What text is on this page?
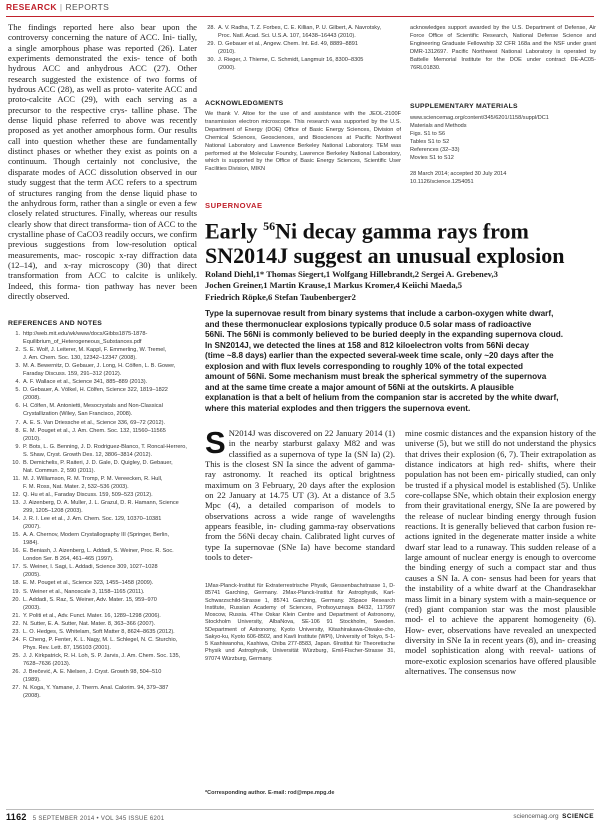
RESEARCK | REPORTS
The findings reported here also bear upon the controversy concerning the nature of ACC. Ini- tially, a single amorphous phase was reported (26). Later experiments demonstrated the exis- tence of both hydrous ACC and anhydrous ACC (27). Other research suggested the existence of two forms of hydrous ACC (28), as well as proto- vaterite ACC and proto-calcite ACC (29), with each serving as a precursor to the respective crys- talline phase. The dense liquid phase referred to above was recently proposed as yet another amorphous form. Our results call into question whether these are fundamentally distinct phases or whether they exist as points on a continuum. Though certainly not conclusive, the disparate modes of ACC dissolution observed in our study suggest that the term ACC refers to a spectrum of structures ranging from the dense liquid phase to the anhydrous form, rather than a single or even a few closely related structures. Finally, whereas our results clearly show that direct transforma- tion of ACC to the crystalline phase of CaCO3 readily occurs, we confirm previous suggestions from low-resolution optical measurements, mac- roscopic x-ray diffraction data (12–14), and x-ray microscopy (30) that direct transformation from ACC to calcite is unlikely. Indeed, this forma- tion pathway has never been directly observed.
REFERENCES AND NOTES
1. http://web.mit.edu/wk/www/docs/Gibbs1875-1878-
Equilibrium_of_Heterogeneous_Substances.pdf
2. S. E. Wolf, J. Leiterer, M. Kappl, F. Emmerling, W. Tremel,
J. Am. Chem. Soc. 130, 12342–12347 (2008).
3. M. A. Bewernitz, D. Gebauer, J. Long, H. Cölfen, L. B. Gower,
Faraday Discuss. 159, 291–312 (2012).
4. A. F. Wallace et al., Science 341, 885–889 (2013).
5. D. Gebauer, A. Völkel, H. Cölfen, Science 322, 1819–1822
(2008).
6. H. Cölfen, M. Antonietti, Mesocrystals and Non-Classical
Crystallization (Wiley, San Francisco, 2008).
7. A. E. S. Van Driessche et al., Science 336, 69–72 (2012).
8. E. M. Pouget et al., J. Am. Chem. Soc. 132, 11560–11565
(2010).
9. P. Bots, L. G. Benning, J. D. Rodriguez-Blanco, T. Roncal-Herrero,
S. Shaw, Cryst. Growth Des. 12, 3806–3814 (2012).
10. B. Demichelis, P. Raiteri, J. D. Gale, D. Quigley, D. Gebauer,
Nat. Commun. 2, 590 (2011).
11. M. J. Williamson, R. M. Tromp, P. M. Vereecken, R. Hull,
F. M. Ross, Nat. Mater. 2, 532–536 (2003).
12. Q. Hu et al., Faraday Discuss. 159, 509–523 (2012).
13. J. Aizenberg, D. A. Muller, J. L. Grazul, D. R. Hamann, Science
299, 1205–1208 (2003).
14. J. R. I. Lee et al., J. Am. Chem. Soc. 129, 10370–10381
(2007).
15. A. A. Chernov, Modern Crystallography III (Springer, Berlin,
1984).
16. E. Beniash, J. Aizenberg, L. Addadi, S. Weiner, Proc. R. Soc.
London Ser. B 264, 461–465 (1997).
17. S. Weiner, I. Sagi, L. Addadi, Science 309, 1027–1028
(2005).
18. E. M. Pouget et al., Science 323, 1455–1458 (2009).
19. S. Weiner et al., Nanoscale 3, 1158–1165 (2011).
20. L. Addadi, S. Raz, S. Weiner, Adv. Mater. 15, 959–970
(2003).
21. Y. Politi et al., Adv. Funct. Mater. 16, 1289–1298 (2006).
22. N. Sutter, E. A. Sutter, Nat. Mater. 8, 363–366 (2007).
23. L. O. Hedges, S. Whitelam, Soft Matter 8, 8624–8635 (2012).
24. F. Cheng, P. Fenter, K. L. Nagy, M. L. Schlegel, N. C. Sturchio,
Phys. Rev. Lett. 87, 156103 (2001).
25. J. J. Kirkpatrick, R. H. Loh, S. P. Jarvis, J. Am. Chem. Soc. 135,
7628–7636 (2013).
26. J. Brečević, A. E. Nielsen, J. Cryst. Growth 98, 504–510
(1989).
27. N. Koga, Y. Yamane, J. Therm. Anal. Calorim. 94, 379–387
(2008).
28. A. V. Radha, T. Z. Forbes, C. E. Killian, P. U. Gilbert, A. Navrotsky,
Proc. Natl. Acad. Sci. U.S.A. 107, 16438–16443 (2010).
29. D. Gebauer et al., Angew. Chem. Int. Ed. 49, 8889–8891
(2010).
30. J. Rieger, J. Thieme, C. Schmidt, Langmuir 16, 8300–8305
(2000).
ACKNOWLEDGMENTS
We thank V. Altoe for the use of and assistance with the JEOL-2100F transmission electron microscope. This research was supported by the U.S. Department of Energy (DOE) Office of Basic Energy Sciences, Division of Chemical Sciences, Geosciences, and Biosciences at Pacific Northwest National Laboratory and Lawrence Berkeley National Laboratory. TEM was performed at the Molecular Foundry, Lawrence Berkeley National Laboratory, which is supported by the Office of Basic Energy Sciences, Scientific User Facilities Division, MIKN
acknowledges support awarded by the U.S. Department of Defense, Air Force Office of Scientific Research, National Defense Science and Engineering Graduate Fellowship 32 CFR 168a and the NSF under grant DMR-1312697. Pacific Northwest National Laboratory is operated by Battelle Memorial Institute for the DOE under contract DE-AC05-76RL01830.
SUPPLEMENTARY MATERIALS
www.sciencemag.org/content/345/6201/1158/suppl/DC1
Materials and Methods
Figs. S1 to S6
Tables S1 to S2
References (32–33)
Movies S1 to S12
28 March 2014; accepted 30 July 2014
10.1126/science.1254051
SUPERNOVAE
Early $^{56}$Ni decay gamma rays from
SN2014J suggest an unusual explosion
Roland Diehl,1* Thomas Siegert,1 Wolfgang Hillebrandt,2 Sergei A. Grebenev,3
Jochen Greiner,1 Martin Krause,1 Markus Kromer,4 Keiichi Maeda,5
Friedrich Röpke,6 Stefan Taubenberger2
Type Ia supernovae result from binary systems that include a carbon-oxygen white dwarf,
and these thermonuclear explosions typically produce 0.5 solar mass of radioactive
56Ni. The 56Ni is commonly believed to be buried deeply in the expanding supernova cloud.
In SN2014J, we detected the lines at 158 and 812 kiloelectron volts from 56Ni decay
(time ~8.8 days) earlier than the expected several-week time scale, only ~20 days after the
explosion and with flux levels corresponding to roughly 10% of the total expected
amount of 56Ni. Some mechanism must break the spherical symmetry of the supernova
and at the same time create a major amount of 56Ni at the outskirts. A plausible
explanation is that a belt of helium from the companion star is accreted by the white dwarf,
where this material explodes and then triggers the supernova event.
S N2014J was discovered on 22 January 2014 (1) in the nearby starburst galaxy M82 and was classified as a supernova of type Ia (SN Ia) (2). This is the closest SN Ia since the advent of gamma-ray astronomy. It reached its optical brightness maximum on 3 February, 20 days after the explosion on 22 January at 14.75 UT (3). At a distance of 3.5 Mpc (4), a detailed comparison of models to observations across a wide range of wavelengths appears feasible, in- cluding gamma-ray observations from the 56Ni decay chain. Calibrated light curves of type Ia supernovae (SNe Ia) have become standard tools to deter-
1Max-Planck-Institut für Extraterrestrische Physik, Giessenbachstrasse 1, D-85741 Garching, Germany. 2Max-Planck-Institut für Astrophysik, Karl-Schwarzschild-Strasse 1, 85741 Garching, Germany. 3Space Research Institute, Russian Academy of Sciences, Profsoyuznaya 84/32, 117997 Moscow, Russia. 4The Oskar Klein Centre and Department of Astronomy, Stockholm University, AlbaNova, SE-106 91 Stockholm, Sweden. 5Department of Astronomy, Kyoto University, Kitashirakawa-Oiwake-cho, Sakyo-ku, Kyoto 606-8502, and Kavli Institute (WPI), University of Tokyo, 5-1-5 Kashiwanoha, Kashiwa, Chiba 277-8583, Japan. 6Institut für Theoretische Physik und Astrophysik, Universität Würzburg, Emil-Fischer-Strasse 31, 97074 Würzburg, Germany.
*Corresponding author. E-mail: rod@mpe.mpg.de
mine cosmic distances and the expansion history of the universe (5), but we still do not understand the physics that drives their explosion (6, 7). Their extrapolation as distance indicators at high red- shifts, where their population has not been em- pirically studied, can only be trusted if a physical model is established (5). Unlike core-collapse SNe, which obtain their explosion energy from their gravitational energy, SNe Ia are powered by the release of nuclear binding energy through fusion reactions. It is generally believed that carbon fusion re- actions ignited in the degenerate matter inside a white dwarf star lead to a runaway. This sudden release of a large amount of nuclear energy is enough to overcome the binding energy of such a compact star and thus causes a SN Ia. A con- sensus had been for years that the instability of a white dwarf at the Chandrasekhar mass limit in a binary system with a main-sequence or (red) giant companion star was the most plausible mod- el to achieve the apparent homogeneity (6). How- ever, observations have revealed an unexpected diversity in SNe Ia in recent years (8), and in- creasing model sophistication along with reeval- uations of more-exotic explosion scenarios have offered plausible alternatives. The consensus now
1162 5 SEPTEMBER 2014 • VOL 345 ISSUE 6201	sciencemag.org SCIENCE
